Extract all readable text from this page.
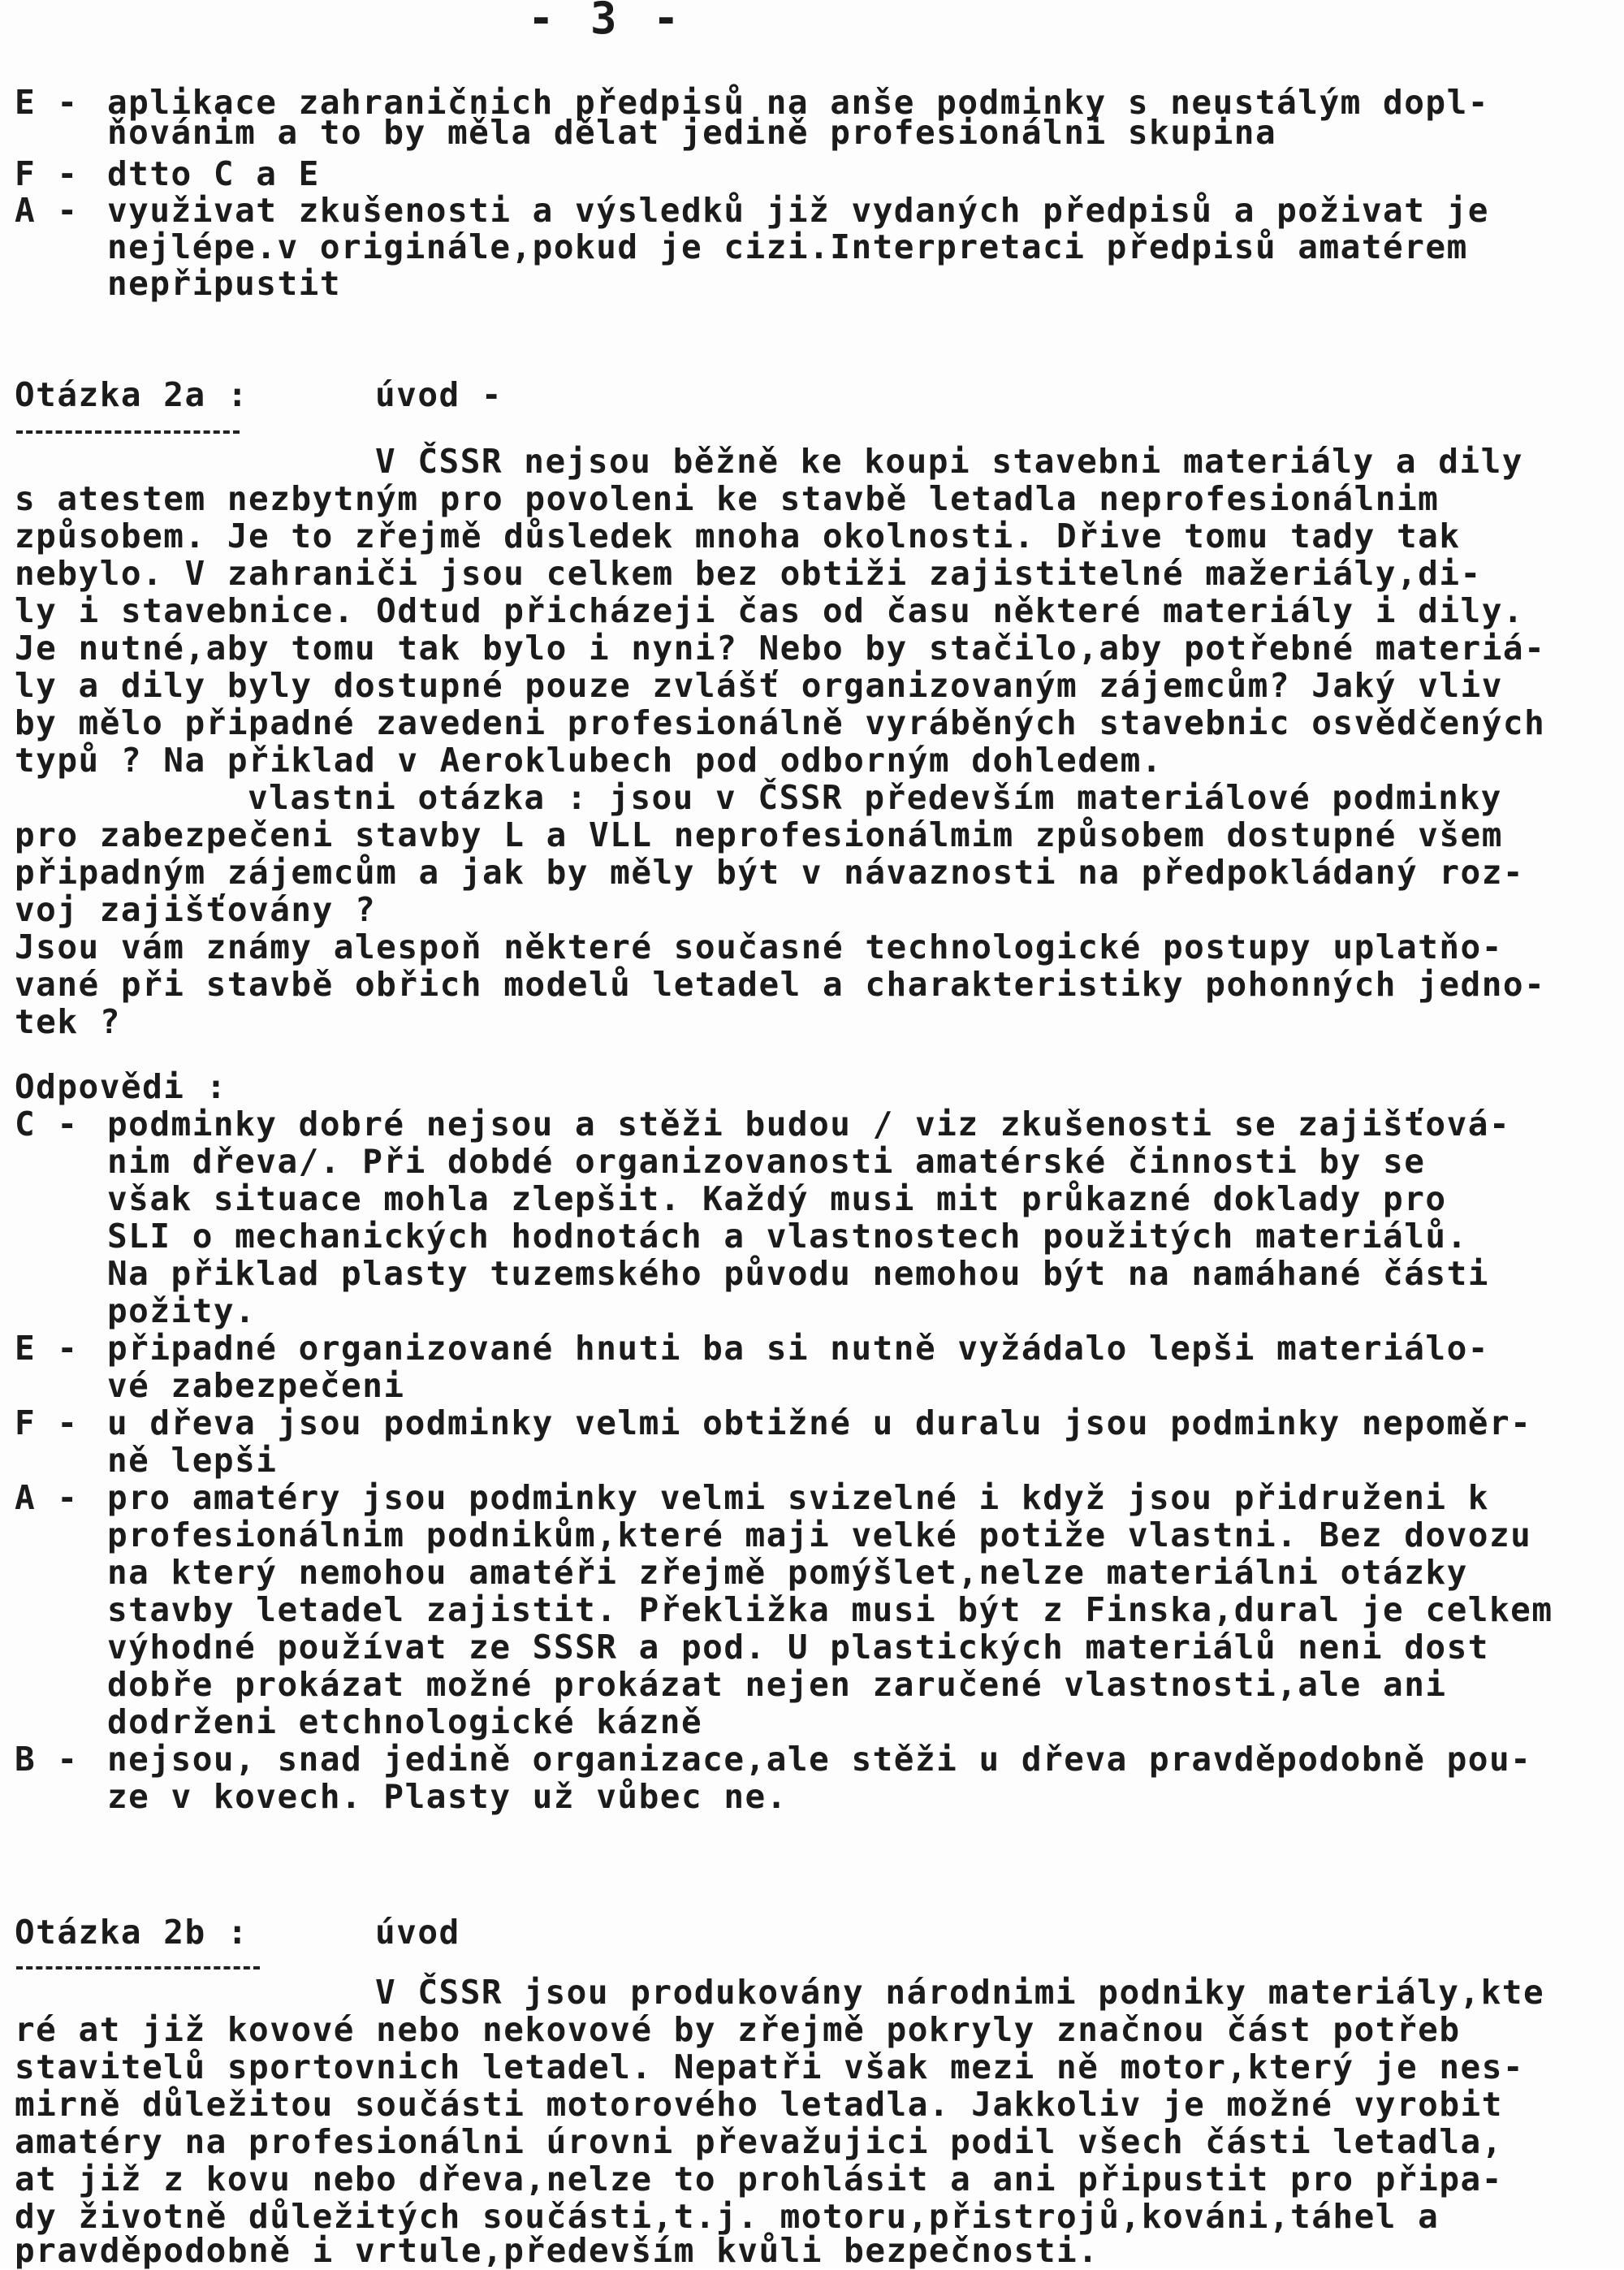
- 3 -
E - aplikace zahraničnich předpisů na anše podminky s neustálým dopl-
ňovánim a to by měla dělat jedině profesionálni skupina
F - dtto C a E
A - využivat zkušenosti a výsledků již vydaných předpisů a poživat je
nejlépe.v originále,pokud je cizi.Interpretaci předpisů amatérem
nepřipustit
Otázka 2a :	úvod -
V ČSSR nejsou běžně ke koupi stavebni materiály a dily
s atestem nezbytným pro povoleni ke stavbě letadla neprofesionálnim
způsobem. Je to zřejmě důsledek mnoha okolnosti. Dřive tomu tady tak
nebylo. V zahraniči jsou celkem bez obtiži zajistitelné mažeriály,di-
ly i stavebnice. Odtud přicházeji čas od času některé materiály i dily.
Je nutné,aby tomu tak bylo i nyni? Nebo by stačilo,aby potřebné materiá-
ly a dily byly dostupné pouze zvlášť organizovaným zájemcům? Jaký vliv
by mělo připadné zavedeni profesionálně vyráběných stavebnic osvědčených
typů ? Na přiklad v Aeroklubech pod odborným dohledem.
vlastni otázka : jsou v ČSSR především materiálové podminky
pro zabezpečeni stavby L a VLL neprofesionálmim způsobem dostupné všem
připadným zájemcům a jak by měly být v návaznosti na předpokládaný roz-
voj zajišťovány ?
Jsou vám známy alespoň některé současné technologické postupy uplatňo-
vané při stavbě obřich modelů letadel a charakteristiky pohonných jedno-
tek ?
Odpovědi :
C - podminky dobré nejsou a stěži budou / viz zkušenosti se zajišťová-
nim dřeva/. Při dobdé organizovanosti amatérské činnosti by se
však situace mohla zlepšit. Každý musi mit průkazné doklady pro
SLI o mechanických hodnotách a vlastnostech použitých materiálů.
Na přiklad plasty tuzemského původu nemohou být na namáhané části
požity.
E - připadné organizované hnuti ba si nutně vyžádalo lepši materiálo-
vé zabezpečeni
F - u dřeva jsou podminky velmi obtižné u duralu jsou podminky nepoměr-
ně lepši
A - pro amatéry jsou podminky velmi svizelné i když jsou přidruženi k
profesionálnim podnikům,které maji velké potiže vlastni. Bez dovozu
na který nemohou amatéři zřejmě pomýšlet,nelze materiálni otázky
stavby letadel zajistit. Překližka musi být z Finska,dural je celkem
výhodné používat ze SSSR a pod. U plastických materiálů neni dost
dobře prokázat možné prokázat nejen zaručené vlastnosti,ale ani
dodrženi etchnologické kázně
B - nejsou, snad jedině organizace,ale stěži u dřeva pravděpodobně pou-
ze v kovech. Plasty už vůbec ne.
Otázka 2b :	úvod
V ČSSR jsou produkovány národnimi podniky materiály,kte
ré at již kovové nebo nekovové by zřejmě pokryly značnou část potřeb
stavitelů sportovnich letadel. Nepatři však mezi ně motor,který je nes-
mirně důležitou součásti motorového letadla. Jakkoliv je možné vyrobit
amatéry na profesionálni úrovni převažujici podil všech části letadla,
at již z kovu nebo dřeva,nelze to prohlásit a ani připustit pro připa-
dy životně důležitých součásti,t.j. motoru,přistrojů,kováni,táhel a
pravděpodobně i vrtule,především kvůli bezpečnosti.
